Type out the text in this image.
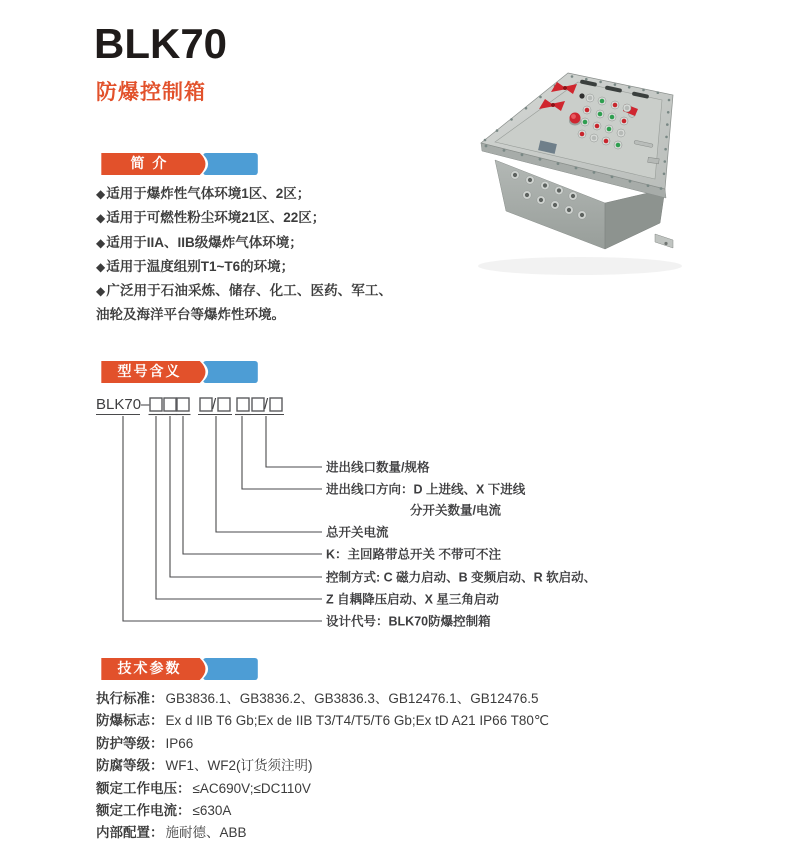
BLK70
防爆控制箱
简 介
◆适用于爆炸性气体环境1区、2区；
◆适用于可燃性粉尘环境21区、22区；
◆适用于IIA、IIB级爆炸气体环境；
◆适用于温度组别T1~T6的环境；
◆广泛用于石油采炼、储存、化工、医药、军工、油轮及海洋平台等爆炸性环境。
型号含义
BLK70 –	/	/
进出线口数量/规格
进出线口方向：D 上进线、X 下进线
分开关数量/电流
总开关电流
K：主回路带总开关 不带可不注
控制方式: C 磁力启动、B 变频启动、R 软启动、
Z 自耦降压启动、X 星三角启动
设计代号：BLK70防爆控制箱
技术参数
执行标准： GB3836.1、GB3836.2、GB3836.3、GB12476.1、GB12476.5
防爆标志： Ex d IIB T6 Gb;Ex de IIB T3/T4/T5/T6 Gb;Ex tD A21 IP66 T80℃
防护等级： IP66
防腐等级： WF1、WF2(订货须注明)
额定工作电压： ≤AC690V;≤DC110V
额定工作电流： ≤630A
内部配置： 施耐德、ABB
